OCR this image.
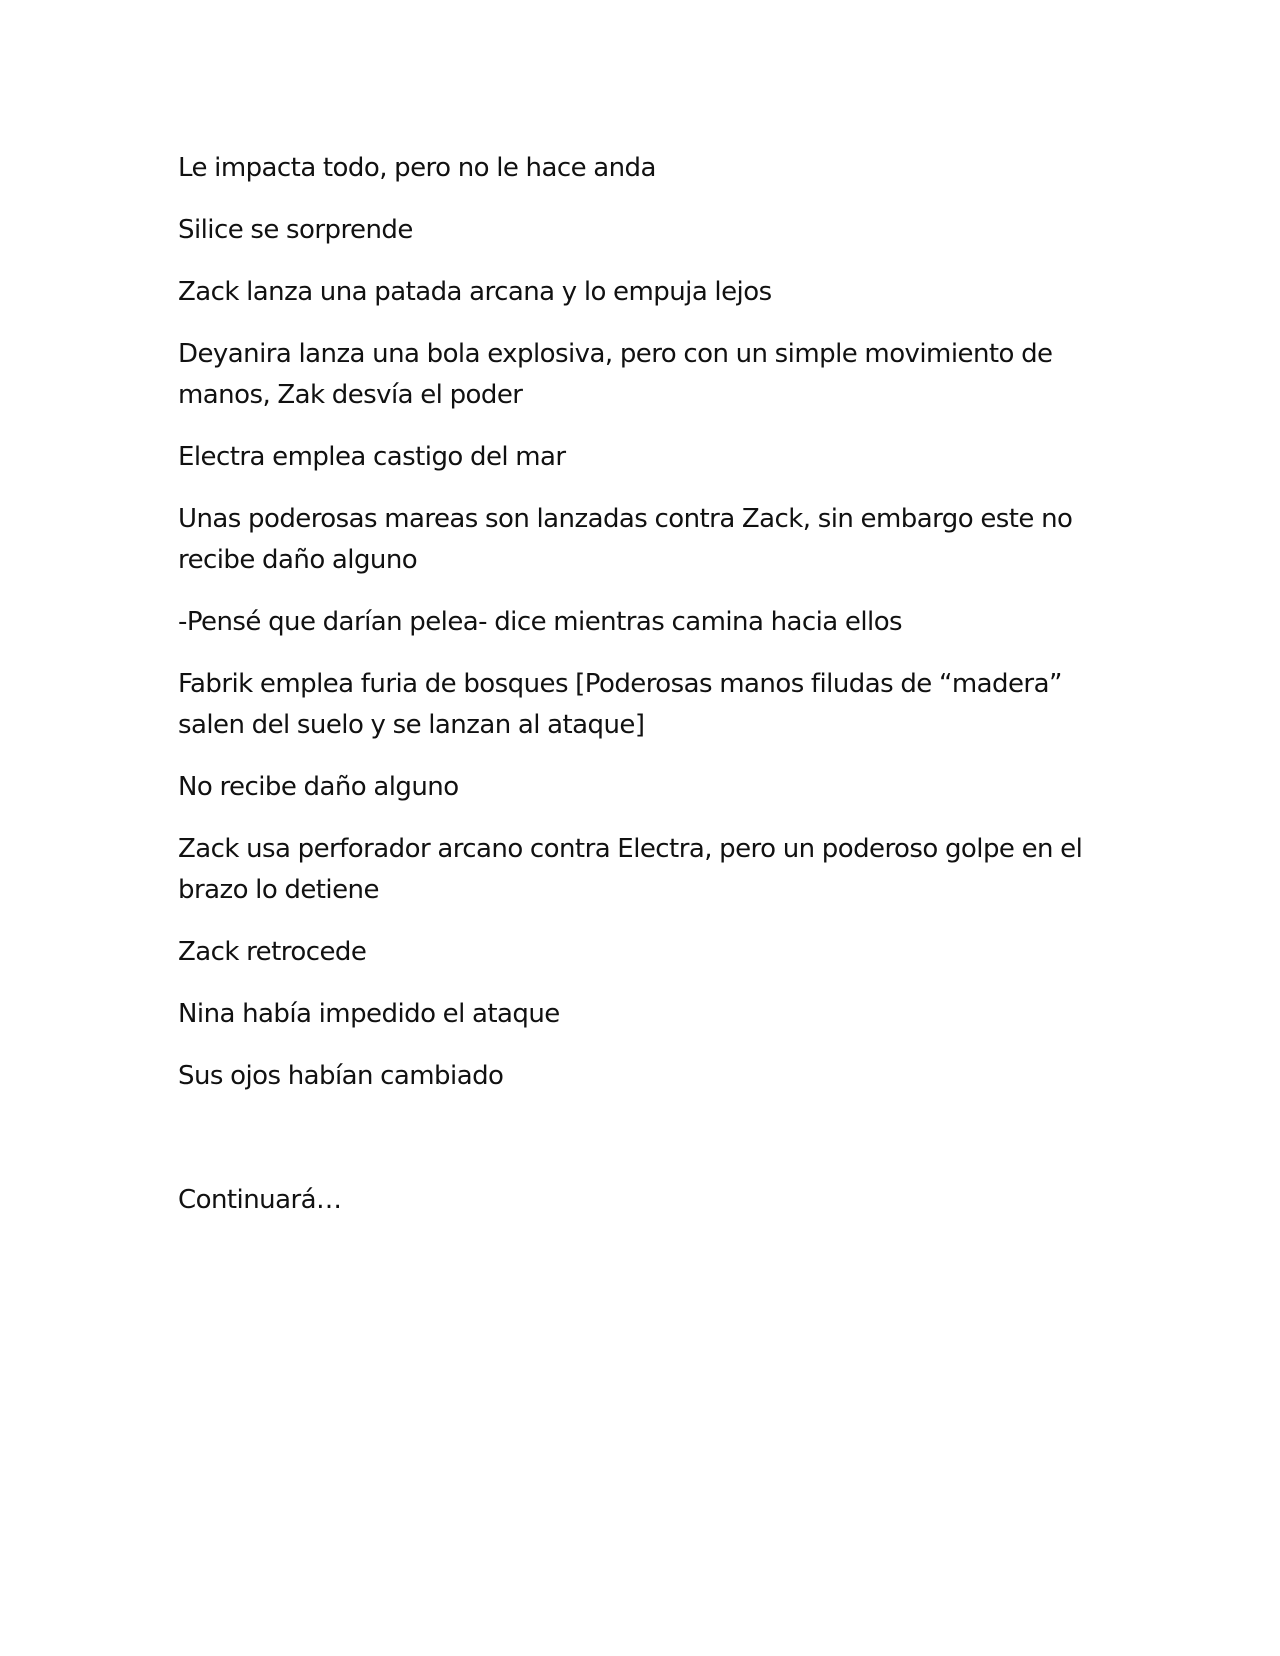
Le impacta todo, pero no le hace anda

Silice se sorprende

Zack lanza una patada arcana y lo empuja lejos

Deyanira lanza una bola explosiva, pero con un simple movimiento de manos, Zak desvía el poder

Electra emplea castigo del mar

Unas poderosas mareas son lanzadas contra Zack, sin embargo este no recibe daño alguno

-Pensé que darían pelea- dice mientras camina hacia ellos

Fabrik emplea furia de bosques [Poderosas manos filudas de “madera” salen del suelo y se lanzan al ataque]

No recibe daño alguno

Zack usa perforador arcano contra Electra, pero un poderoso golpe en el brazo lo detiene

Zack retrocede

Nina había impedido el ataque

Sus ojos habían cambiado

Continuará…
